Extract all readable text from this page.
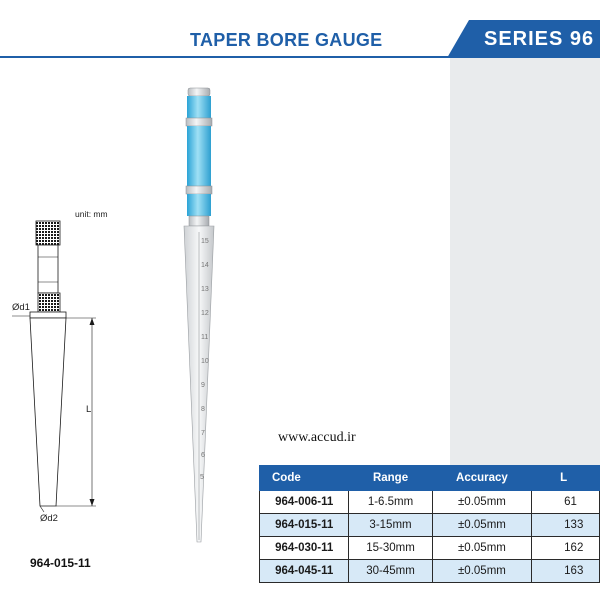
TAPER BORE GAUGE	SERIES 96
unit: mm
Ød1
L
Ød2
964-015-11
15
14
13
12
11
10
9
8
7
6
5
www.accud.ir
Code	Range	Accuracy	L
964-006-11	1-6.5mm	±0.05mm	61
964-015-11	3-15mm	±0.05mm	133
964-030-11	15-30mm	±0.05mm	162
964-045-11	30-45mm	±0.05mm	163
